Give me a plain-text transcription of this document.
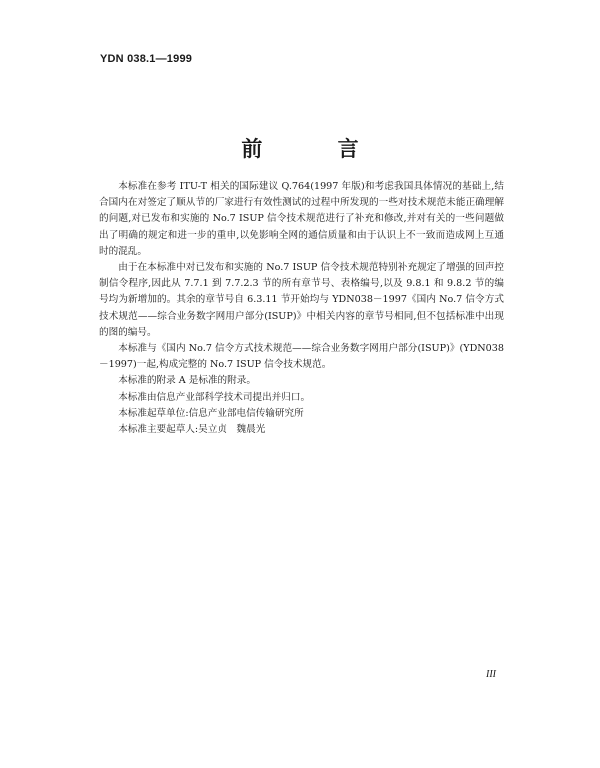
YDN 038.1—1999
前 言

本标准在参考 ITU-T 相关的国际建议 Q.764(1997 年版)和考虑我国具体情况的基础上,结合国内在对签定了顺从节的厂家进行有效性测试的过程中所发现的一些对技术规范未能正确理解的问题,对已发布和实施的 No.7 ISUP 信令技术规范进行了补充和修改,并对有关的一些问题做出了明确的规定和进一步的重申,以免影响全网的通信质量和由于认识上不一致而造成网上互通时的混乱。

由于在本标准中对已发布和实施的 No.7 ISUP 信令技术规范特别补充规定了增强的回声控制信令程序,因此从 7.7.1 到 7.7.2.3 节的所有章节号、表格编号,以及 9.8.1 和 9.8.2 节的编号均为新增加的。其余的章节号自 6.3.11 节开始均与 YDN038－1997《国内 No.7 信令方式技术规范——综合业务数字网用户部分(ISUP)》中相关内容的章节号相同,但不包括标准中出现的图的编号。

本标准与《国内 No.7 信令方式技术规范——综合业务数字网用户部分(ISUP)》(YDN038－1997)一起,构成完整的 No.7 ISUP 信令技术规范。

本标准的附录 A 是标准的附录。

本标准由信息产业部科学技术司提出并归口。

本标准起草单位:信息产业部电信传输研究所

本标准主要起草人:吴立贞　魏晨光

III
